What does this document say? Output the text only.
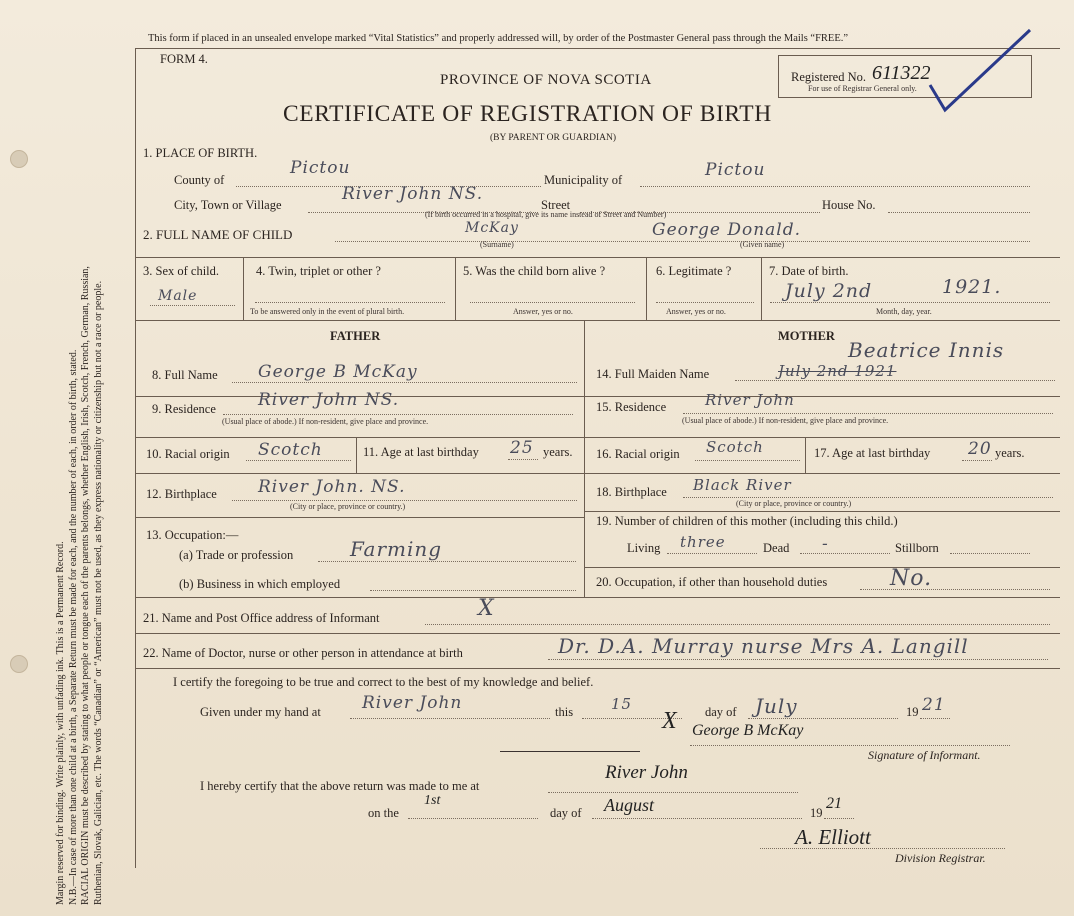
Margin reserved for binding. Write plainly, with unfading ink. This is a Permanent Record. N.B.—In case of more than one child at a birth, a Separate Return must be made for each, and the number of each, in order of birth, stated. RACIAL ORIGIN must be described by stating to what people or tongue each of the parents belongs, whether English, Irish, Scotch, French, German, Russian, Ruthenian, Slovak, Galician, etc. The words “Canadian” or “American” must not be used, as they express nationality or citizenship but not a race or people.
This form if placed in an unsealed envelope marked “Vital Statistics” and properly addressed will, by order of the Postmaster General pass through the Mails “FREE.”
FORM 4.
PROVINCE OF NOVA SCOTIA
CERTIFICATE OF REGISTRATION OF BIRTH
(BY PARENT OR GUARDIAN)
Registered No. 611322
For use of Registrar General only.
1. PLACE OF BIRTH.
County of
Pictou
Municipality of	Pictou
City, Town or Village
River John NS.
Street	House No.
(If birth occurred in a hospital, give its name instead of Street and Number)
2. FULL NAME OF CHILD	McKay
(Surname)
George Donald.
(Given name)
3. Sex of child.
Male
4. Twin, triplet or other ?
To be answered only in the event of plural birth.
5. Was the child born alive ?
Answer, yes or no.
6. Legitimate ?
Answer, yes or no.
7. Date of birth.
July 2nd	1921.
Month, day, year.
FATHER	MOTHER
8. Full Name George B McKay
9. Residence River John NS.
(Usual place of abode.) If non-resident, give place and province.
10. Racial origin Scotch	11. Age at last birthday 25 years.
12. Birthplace River John. NS.
(City or place, province or country.)
13. Occupation:—
(a) Trade or profession	Farming
(b) Business in which employed
14. Full Maiden Name
Beatrice Innis
July 2nd 1921
15. Residence	River John
(Usual place of abode.) If non-resident, give place and province.
16. Racial origin Scotch	17. Age at last birthday 20 years.
18. Birthplace Black River
(City or place, province or country.)
19. Number of children of this mother (including this child.)
Living three	Dead -	Stillborn
20. Occupation, if other than household duties	No.
21. Name and Post Office address of Informant	X
22. Name of Doctor, nurse or other person in attendance at birth	Dr. D.A. Murray nurse Mrs A. Langill
I certify the foregoing to be true and correct to the best of my knowledge and belief.
Given under my hand at River John	this	15	day of July	19 21
X George B McKay
Signature of Informant.
I hereby certify that the above return was made to me at
River John
on the
1st
day of August	19
21
A. Elliott
Division Registrar.
